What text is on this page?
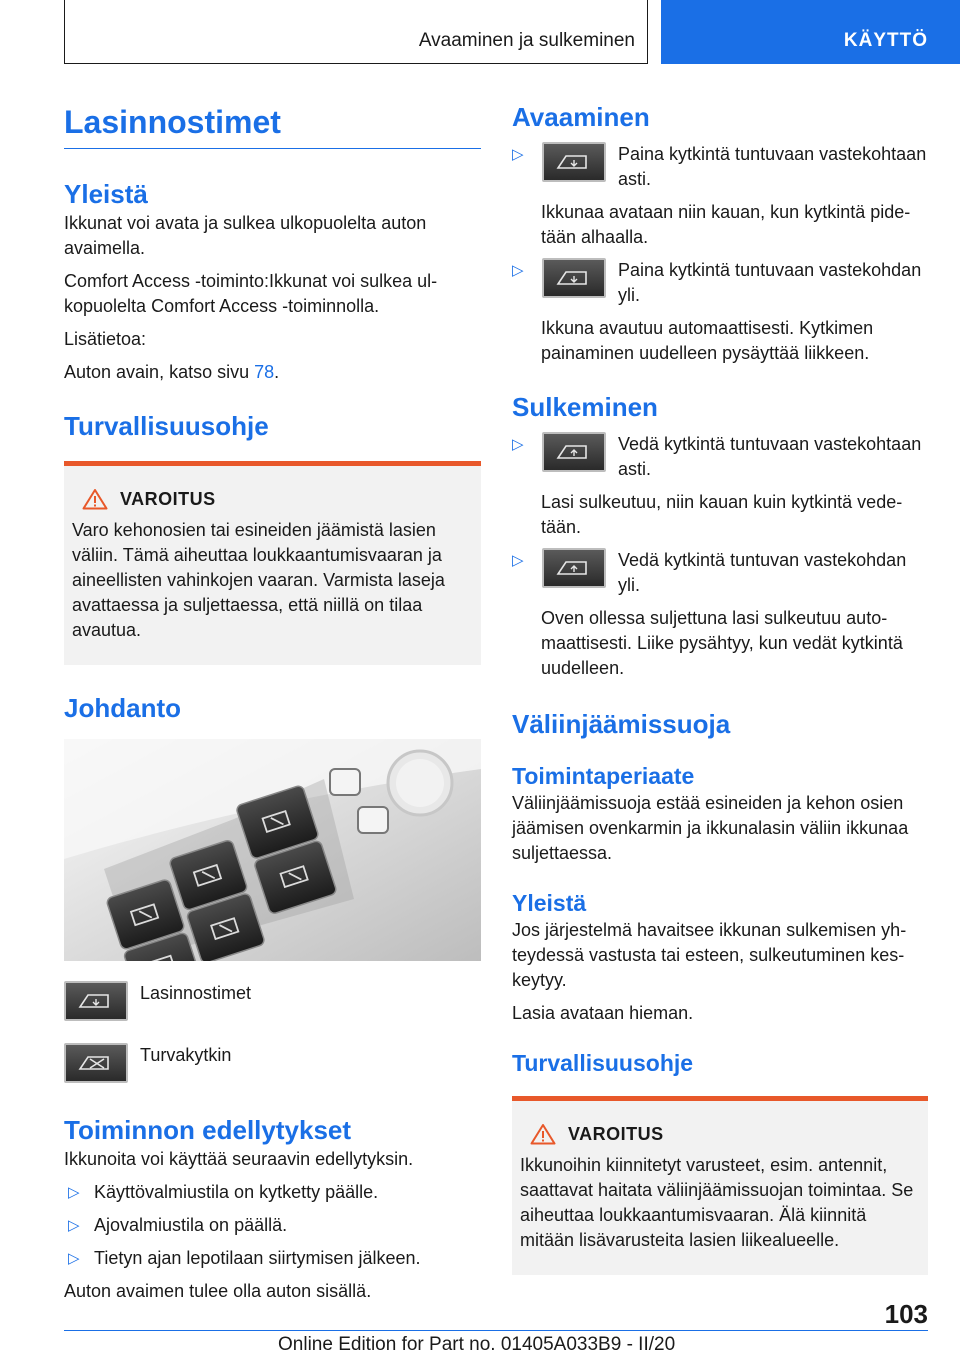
Avaaminen ja sulkeminen	KÄYTTÖ
Lasinnostimet
Yleistä

Ikkunat voi avata ja sulkea ulkopuolelta auton avaimella.

Comfort Access -toiminto:Ikkunat voi sulkea ulkopuolelta Comfort Access -toiminnolla.

Lisätietoa:

Auton avain, katso sivu 78.

Turvallisuusohje
VAROITUS

Varo kehonosien tai esineiden jäämistä lasien väliin. Tämä aiheuttaa loukkaantumisvaaran ja aineellisten vahinkojen vaaran. Varmista laseja avattaessa ja suljettaessa, että niillä on tilaa avautua.

Johdanto
Lasinnostimet
Turvakytkin
Toiminnon edellytykset

Ikkunoita voi käyttää seuraavin edellytyksin.

▷ Käyttövalmiustila on kytketty päälle.
▷ Ajovalmiustila on päällä.
▷ Tietyn ajan lepotilaan siirtymisen jälkeen.

Auton avaimen tulee olla auton sisällä.

Avaaminen
▷	Paina kytkintä tuntuvaan vastekohtaan asti.

Ikkunaa avataan niin kauan, kun kytkintä pidetään alhaalla.

▷	Paina kytkintä tuntuvaan vastekohdan yli.

Ikkuna avautuu automaattisesti. Kytkimen painaminen uudelleen pysäyttää liikkeen.

Sulkeminen
▷	Vedä kytkintä tuntuvaan vastekohtaan asti.

Lasi sulkeutuu, niin kauan kuin kytkintä vedetään.

▷	Vedä kytkintä tuntuvan vastekohdan yli.

Oven ollessa suljettuna lasi sulkeutuu automaattisesti. Liike pysähtyy, kun vedät kytkintä uudelleen.

Väliinjäämissuoja
Toimintaperiaate

Väliinjäämissuoja estää esineiden ja kehon osien jäämisen ovenkarmin ja ikkunalasin väliin ikkunaa suljettaessa.

Yleistä

Jos järjestelmä havaitsee ikkunan sulkemisen yhteydessä vastusta tai esteen, sulkeutuminen keskeytyy.

Lasia avataan hieman.

Turvallisuusohje
VAROITUS

Ikkunoihin kiinnitetyt varusteet, esim. antennit, saattavat haitata väliinjäämissuojan toimintaa. Se aiheuttaa loukkaantumisvaaran. Älä kiinnitä mitään lisävarusteita lasien liikealueelle.

103
Online Edition for Part no. 01405A033B9 - II/20
